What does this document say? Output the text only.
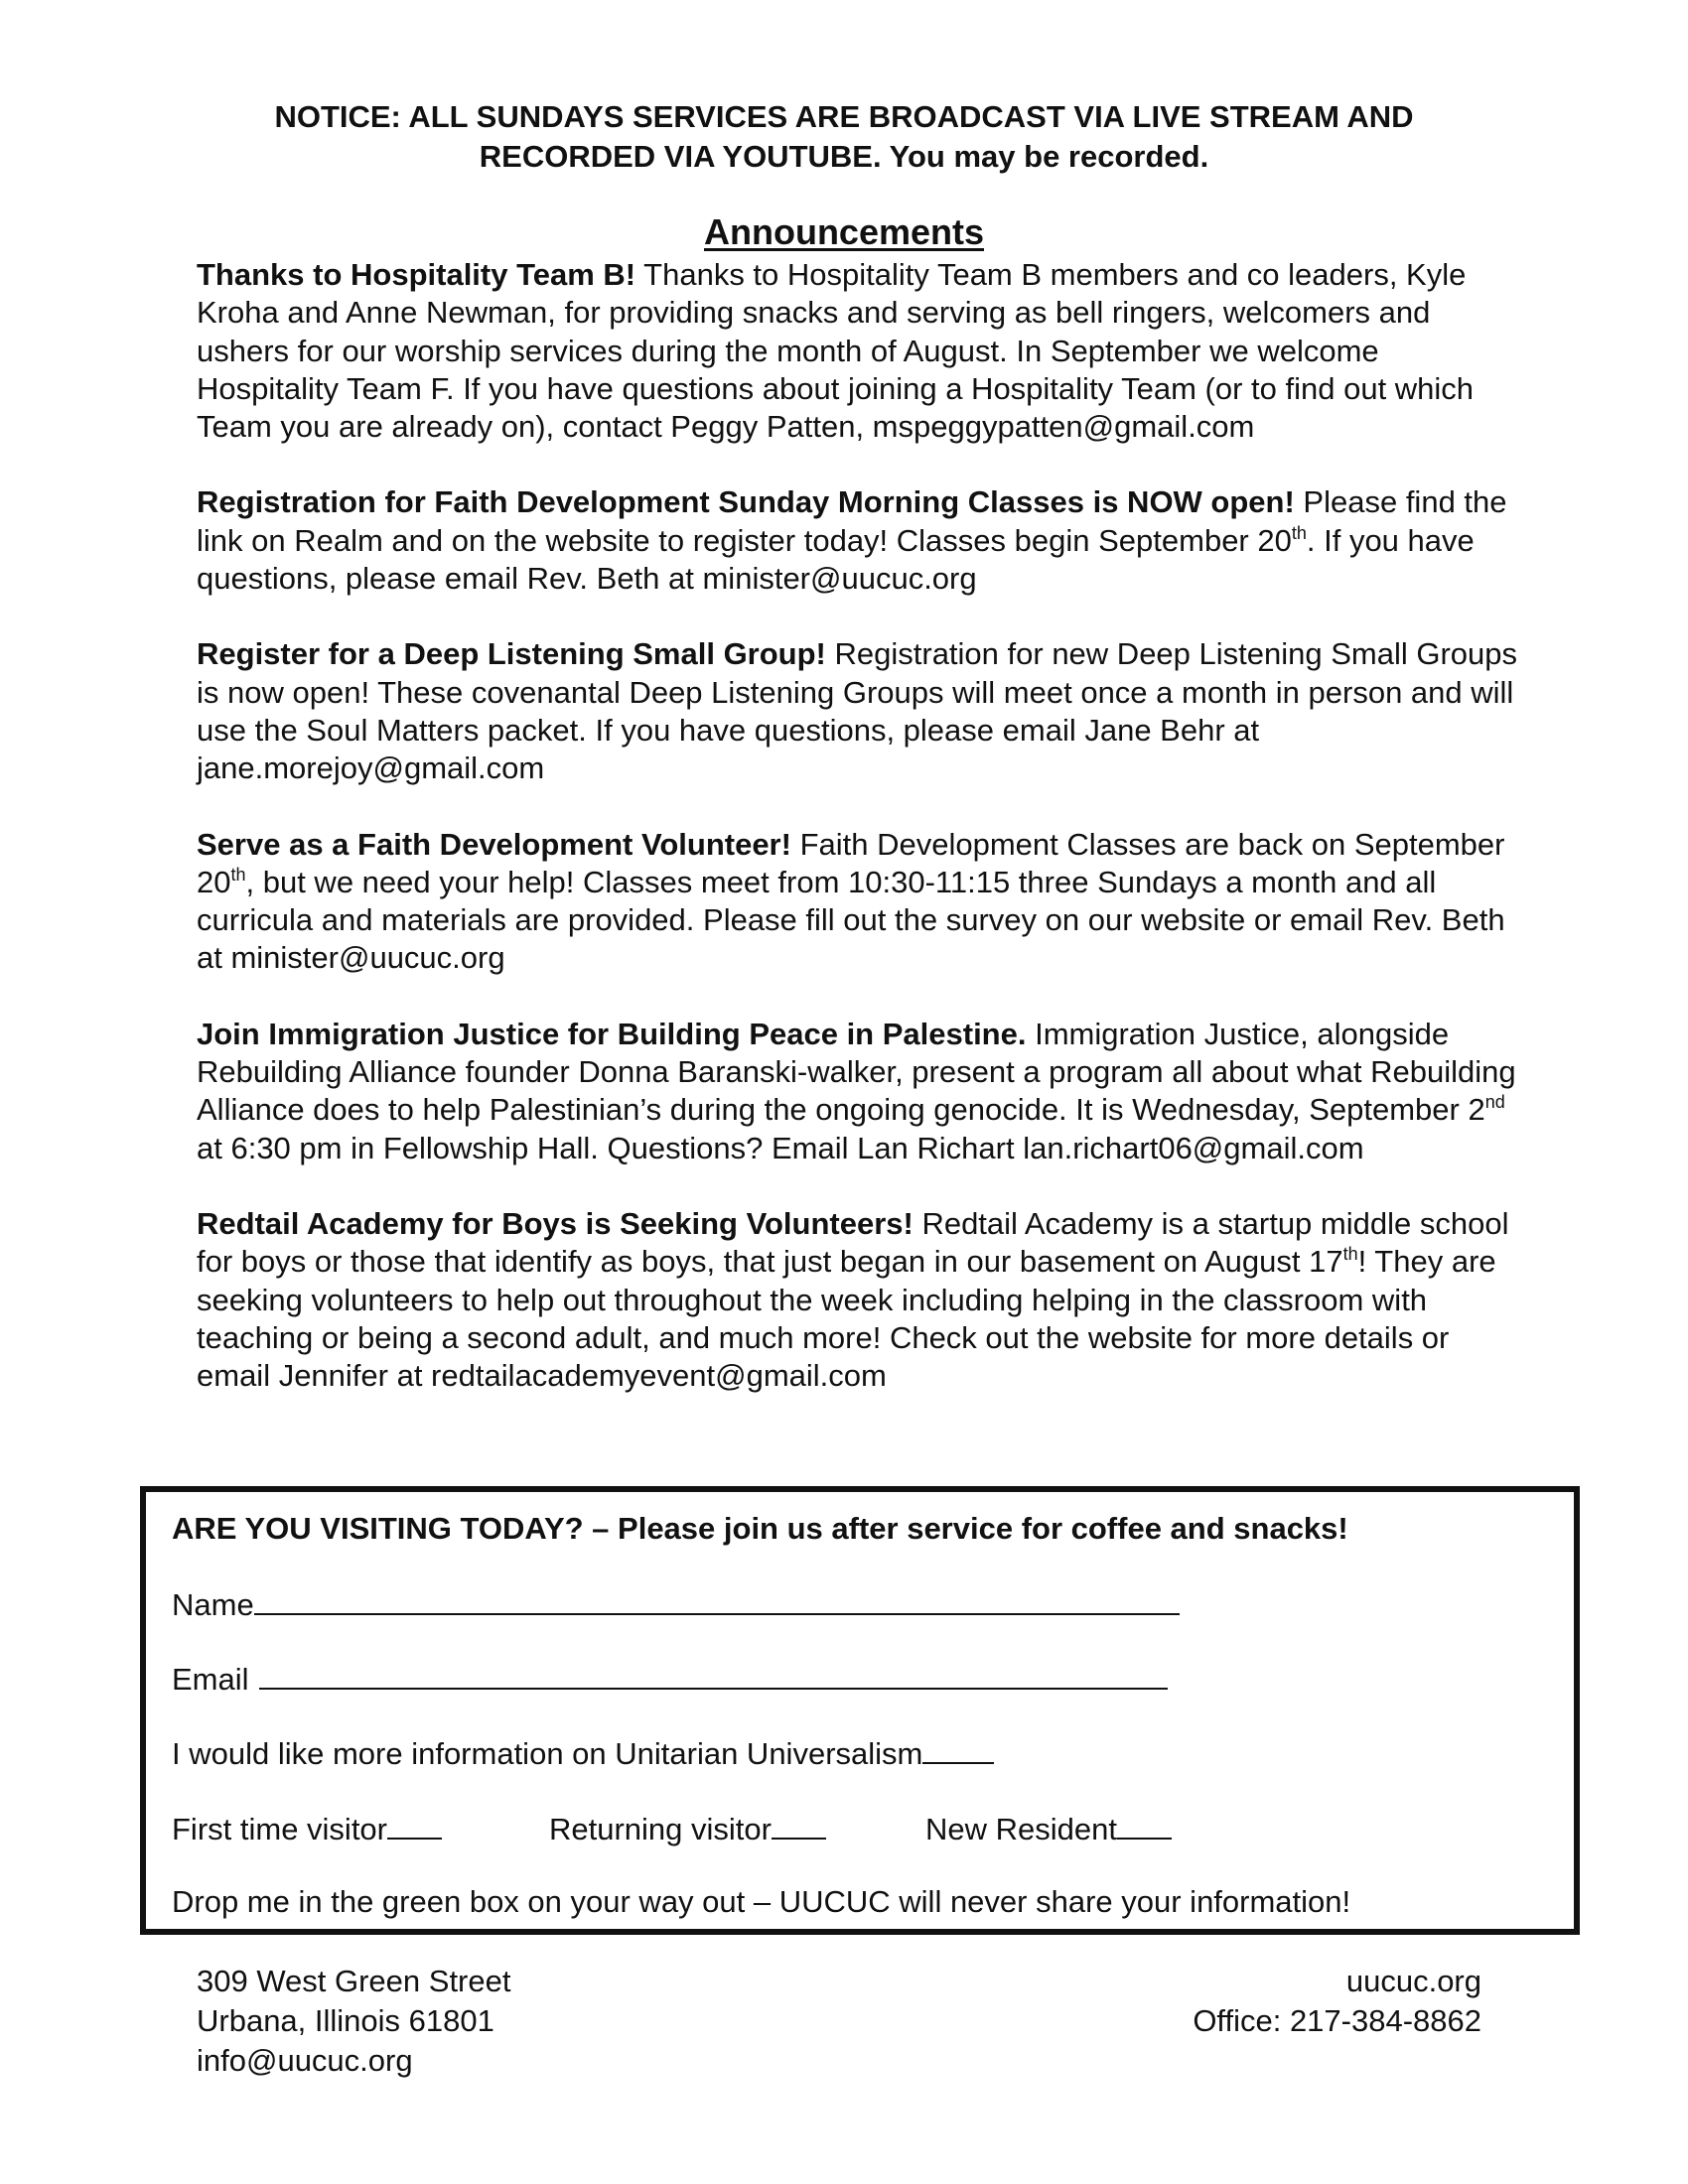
NOTICE: ALL SUNDAYS SERVICES ARE BROADCAST VIA LIVE STREAM AND
RECORDED VIA YOUTUBE. You may be recorded.
Announcements

Thanks to Hospitality Team B! Thanks to Hospitality Team B members and co leaders, Kyle Kroha and Anne Newman, for providing snacks and serving as bell ringers, welcomers and ushers for our worship services during the month of August. In September we welcome Hospitality Team F. If you have questions about joining a Hospitality Team (or to find out which Team you are already on), contact Peggy Patten, mspeggypatten@gmail.com

Registration for Faith Development Sunday Morning Classes is NOW open! Please find the link on Realm and on the website to register today! Classes begin September 20th. If you have questions, please email Rev. Beth at minister@uucuc.org

Register for a Deep Listening Small Group! Registration for new Deep Listening Small Groups is now open! These covenantal Deep Listening Groups will meet once a month in person and will use the Soul Matters packet. If you have questions, please email Jane Behr at jane.morejoy@gmail.com

Serve as a Faith Development Volunteer! Faith Development Classes are back on September 20th, but we need your help! Classes meet from 10:30-11:15 three Sundays a month and all curricula and materials are provided. Please fill out the survey on our website or email Rev. Beth at minister@uucuc.org

Join Immigration Justice for Building Peace in Palestine. Immigration Justice, alongside Rebuilding Alliance founder Donna Baranski-walker, present a program all about what Rebuilding Alliance does to help Palestinian’s during the ongoing genocide. It is Wednesday, September 2nd at 6:30 pm in Fellowship Hall. Questions? Email Lan Richart lan.richart06@gmail.com

Redtail Academy for Boys is Seeking Volunteers! Redtail Academy is a startup middle school for boys or those that identify as boys, that just began in our basement on August 17th! They are seeking volunteers to help out throughout the week including helping in the classroom with teaching or being a second adult, and much more! Check out the website for more details or email Jennifer at redtailacademyevent@gmail.com

ARE YOU VISITING TODAY? – Please join us after service for coffee and snacks!
Name
Email
I would like more information on Unitarian Universalism
First time visitor	Returning visitor	New Resident
Drop me in the green box on your way out – UUCUC will never share your information!
309 West Green Street
Urbana, Illinois 61801
info@uucuc.org
uucuc.org
Office: 217-384-8862
